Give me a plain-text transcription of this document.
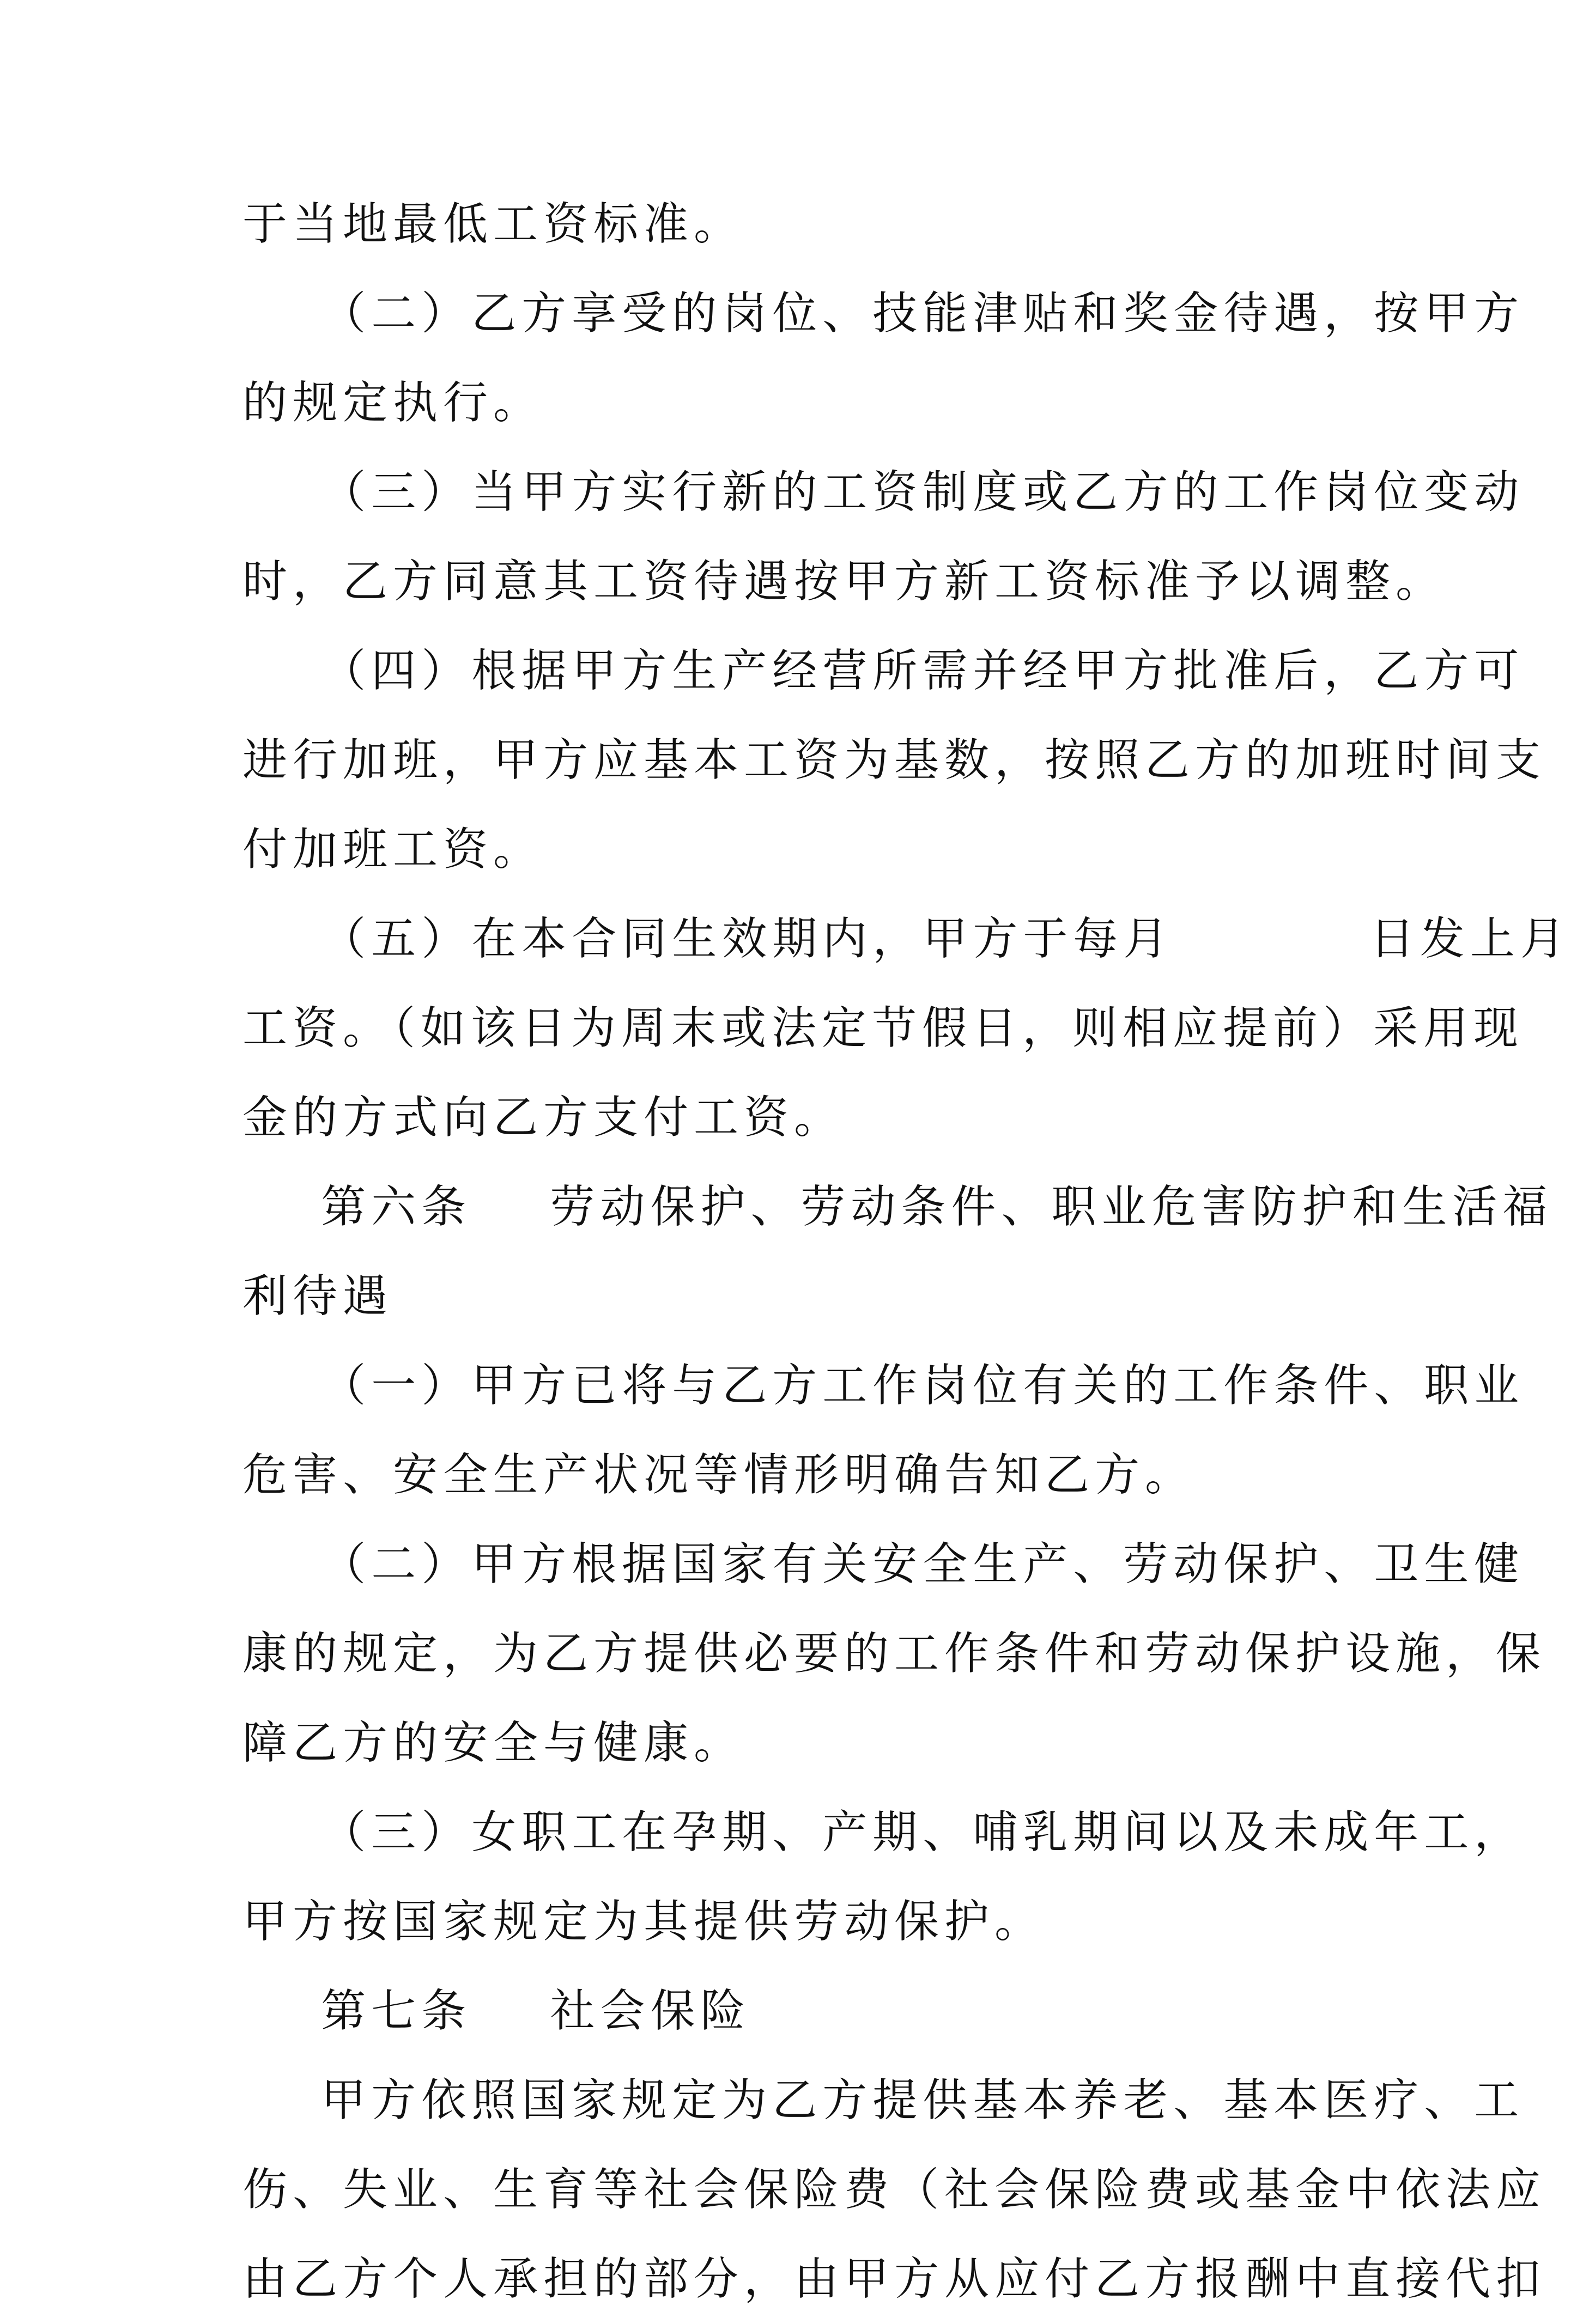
于当地最低工资标准。
（二）乙方享受的岗位、技能津贴和奖金待遇，按甲方
的规定执行。
（三）当甲方实行新的工资制度或乙方的工作岗位变动
时，乙方同意其工资待遇按甲方新工资标准予以调整。
（四）根据甲方生产经营所需并经甲方批准后，乙方可
进行加班，甲方应基本工资为基数，按照乙方的加班时间支
付加班工资。
（五）在本合同生效期内，甲方于每月          日发上月
工资。（如该日为周末或法定节假日，则相应提前）采用现
金的方式向乙方支付工资。
第六条    劳动保护、劳动条件、职业危害防护和生活福
利待遇
（一）甲方已将与乙方工作岗位有关的工作条件、职业
危害、安全生产状况等情形明确告知乙方。
（二）甲方根据国家有关安全生产、劳动保护、卫生健
康的规定，为乙方提供必要的工作条件和劳动保护设施，保
障乙方的安全与健康。
（三）女职工在孕期、产期、哺乳期间以及未成年工，
甲方按国家规定为其提供劳动保护。
第七条    社会保险
甲方依照国家规定为乙方提供基本养老、基本医疗、工
伤、失业、生育等社会保险费（社会保险费或基金中依法应
由乙方个人承担的部分，由甲方从应付乙方报酬中直接代扣
